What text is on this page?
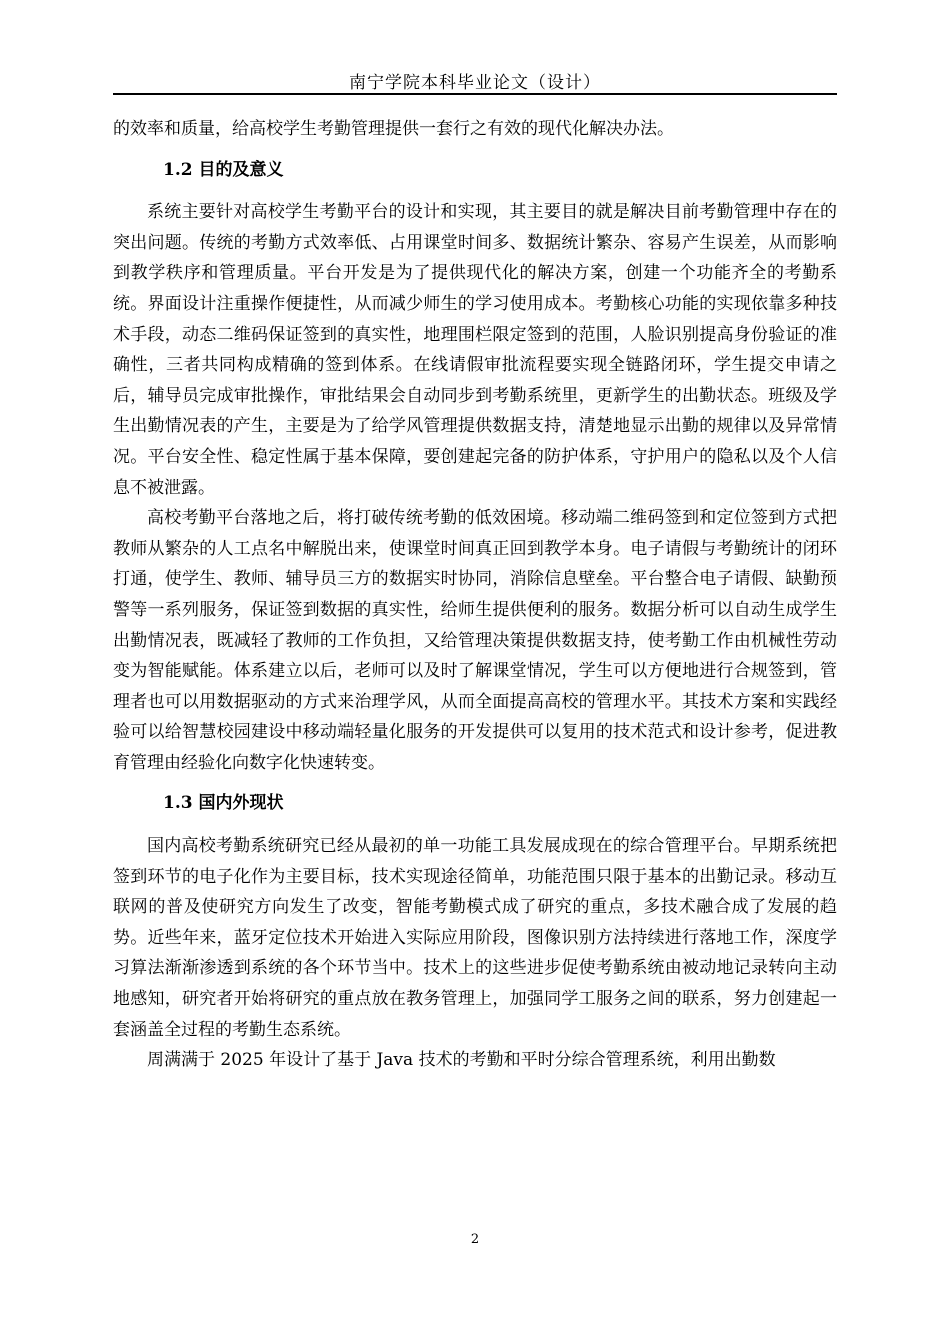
南宁学院本科毕业论文（设计）

的效率和质量，给高校学生考勤管理提供一套行之有效的现代化解决办法。

1.2 目的及意义

系统主要针对高校学生考勤平台的设计和实现，其主要目的就是解决目前考勤管理中存在的突出问题。传统的考勤方式效率低、占用课堂时间多、数据统计繁杂、容易产生误差，从而影响到教学秩序和管理质量。平台开发是为了提供现代化的解决方案，创建一个功能齐全的考勤系统。界面设计注重操作便捷性，从而减少师生的学习使用成本。考勤核心功能的实现依靠多种技术手段，动态二维码保证签到的真实性，地理围栏限定签到的范围，人脸识别提高身份验证的准确性，三者共同构成精确的签到体系。在线请假审批流程要实现全链路闭环，学生提交申请之后，辅导员完成审批操作，审批结果会自动同步到考勤系统里，更新学生的出勤状态。班级及学生出勤情况表的产生，主要是为了给学风管理提供数据支持，清楚地显示出勤的规律以及异常情况。平台安全性、稳定性属于基本保障，要创建起完备的防护体系，守护用户的隐私以及个人信息不被泄露。

高校考勤平台落地之后，将打破传统考勤的低效困境。移动端二维码签到和定位签到方式把教师从繁杂的人工点名中解脱出来，使课堂时间真正回到教学本身。电子请假与考勤统计的闭环打通，使学生、教师、辅导员三方的数据实时协同，消除信息壁垒。平台整合电子请假、缺勤预警等一系列服务，保证签到数据的真实性，给师生提供便利的服务。数据分析可以自动生成学生出勤情况表，既减轻了教师的工作负担，又给管理决策提供数据支持，使考勤工作由机械性劳动变为智能赋能。体系建立以后，老师可以及时了解课堂情况，学生可以方便地进行合规签到，管理者也可以用数据驱动的方式来治理学风，从而全面提高高校的管理水平。其技术方案和实践经验可以给智慧校园建设中移动端轻量化服务的开发提供可以复用的技术范式和设计参考，促进教育管理由经验化向数字化快速转变。

1.3 国内外现状

国内高校考勤系统研究已经从最初的单一功能工具发展成现在的综合管理平台。早期系统把签到环节的电子化作为主要目标，技术实现途径简单，功能范围只限于基本的出勤记录。移动互联网的普及使研究方向发生了改变，智能考勤模式成了研究的重点，多技术融合成了发展的趋势。近些年来，蓝牙定位技术开始进入实际应用阶段，图像识别方法持续进行落地工作，深度学习算法渐渐渗透到系统的各个环节当中。技术上的这些进步促使考勤系统由被动地记录转向主动地感知，研究者开始将研究的重点放在教务管理上，加强同学工服务之间的联系，努力创建起一套涵盖全过程的考勤生态系统。

周满满于 2025 年设计了基于 Java 技术的考勤和平时分综合管理系统，利用出勤数

2
